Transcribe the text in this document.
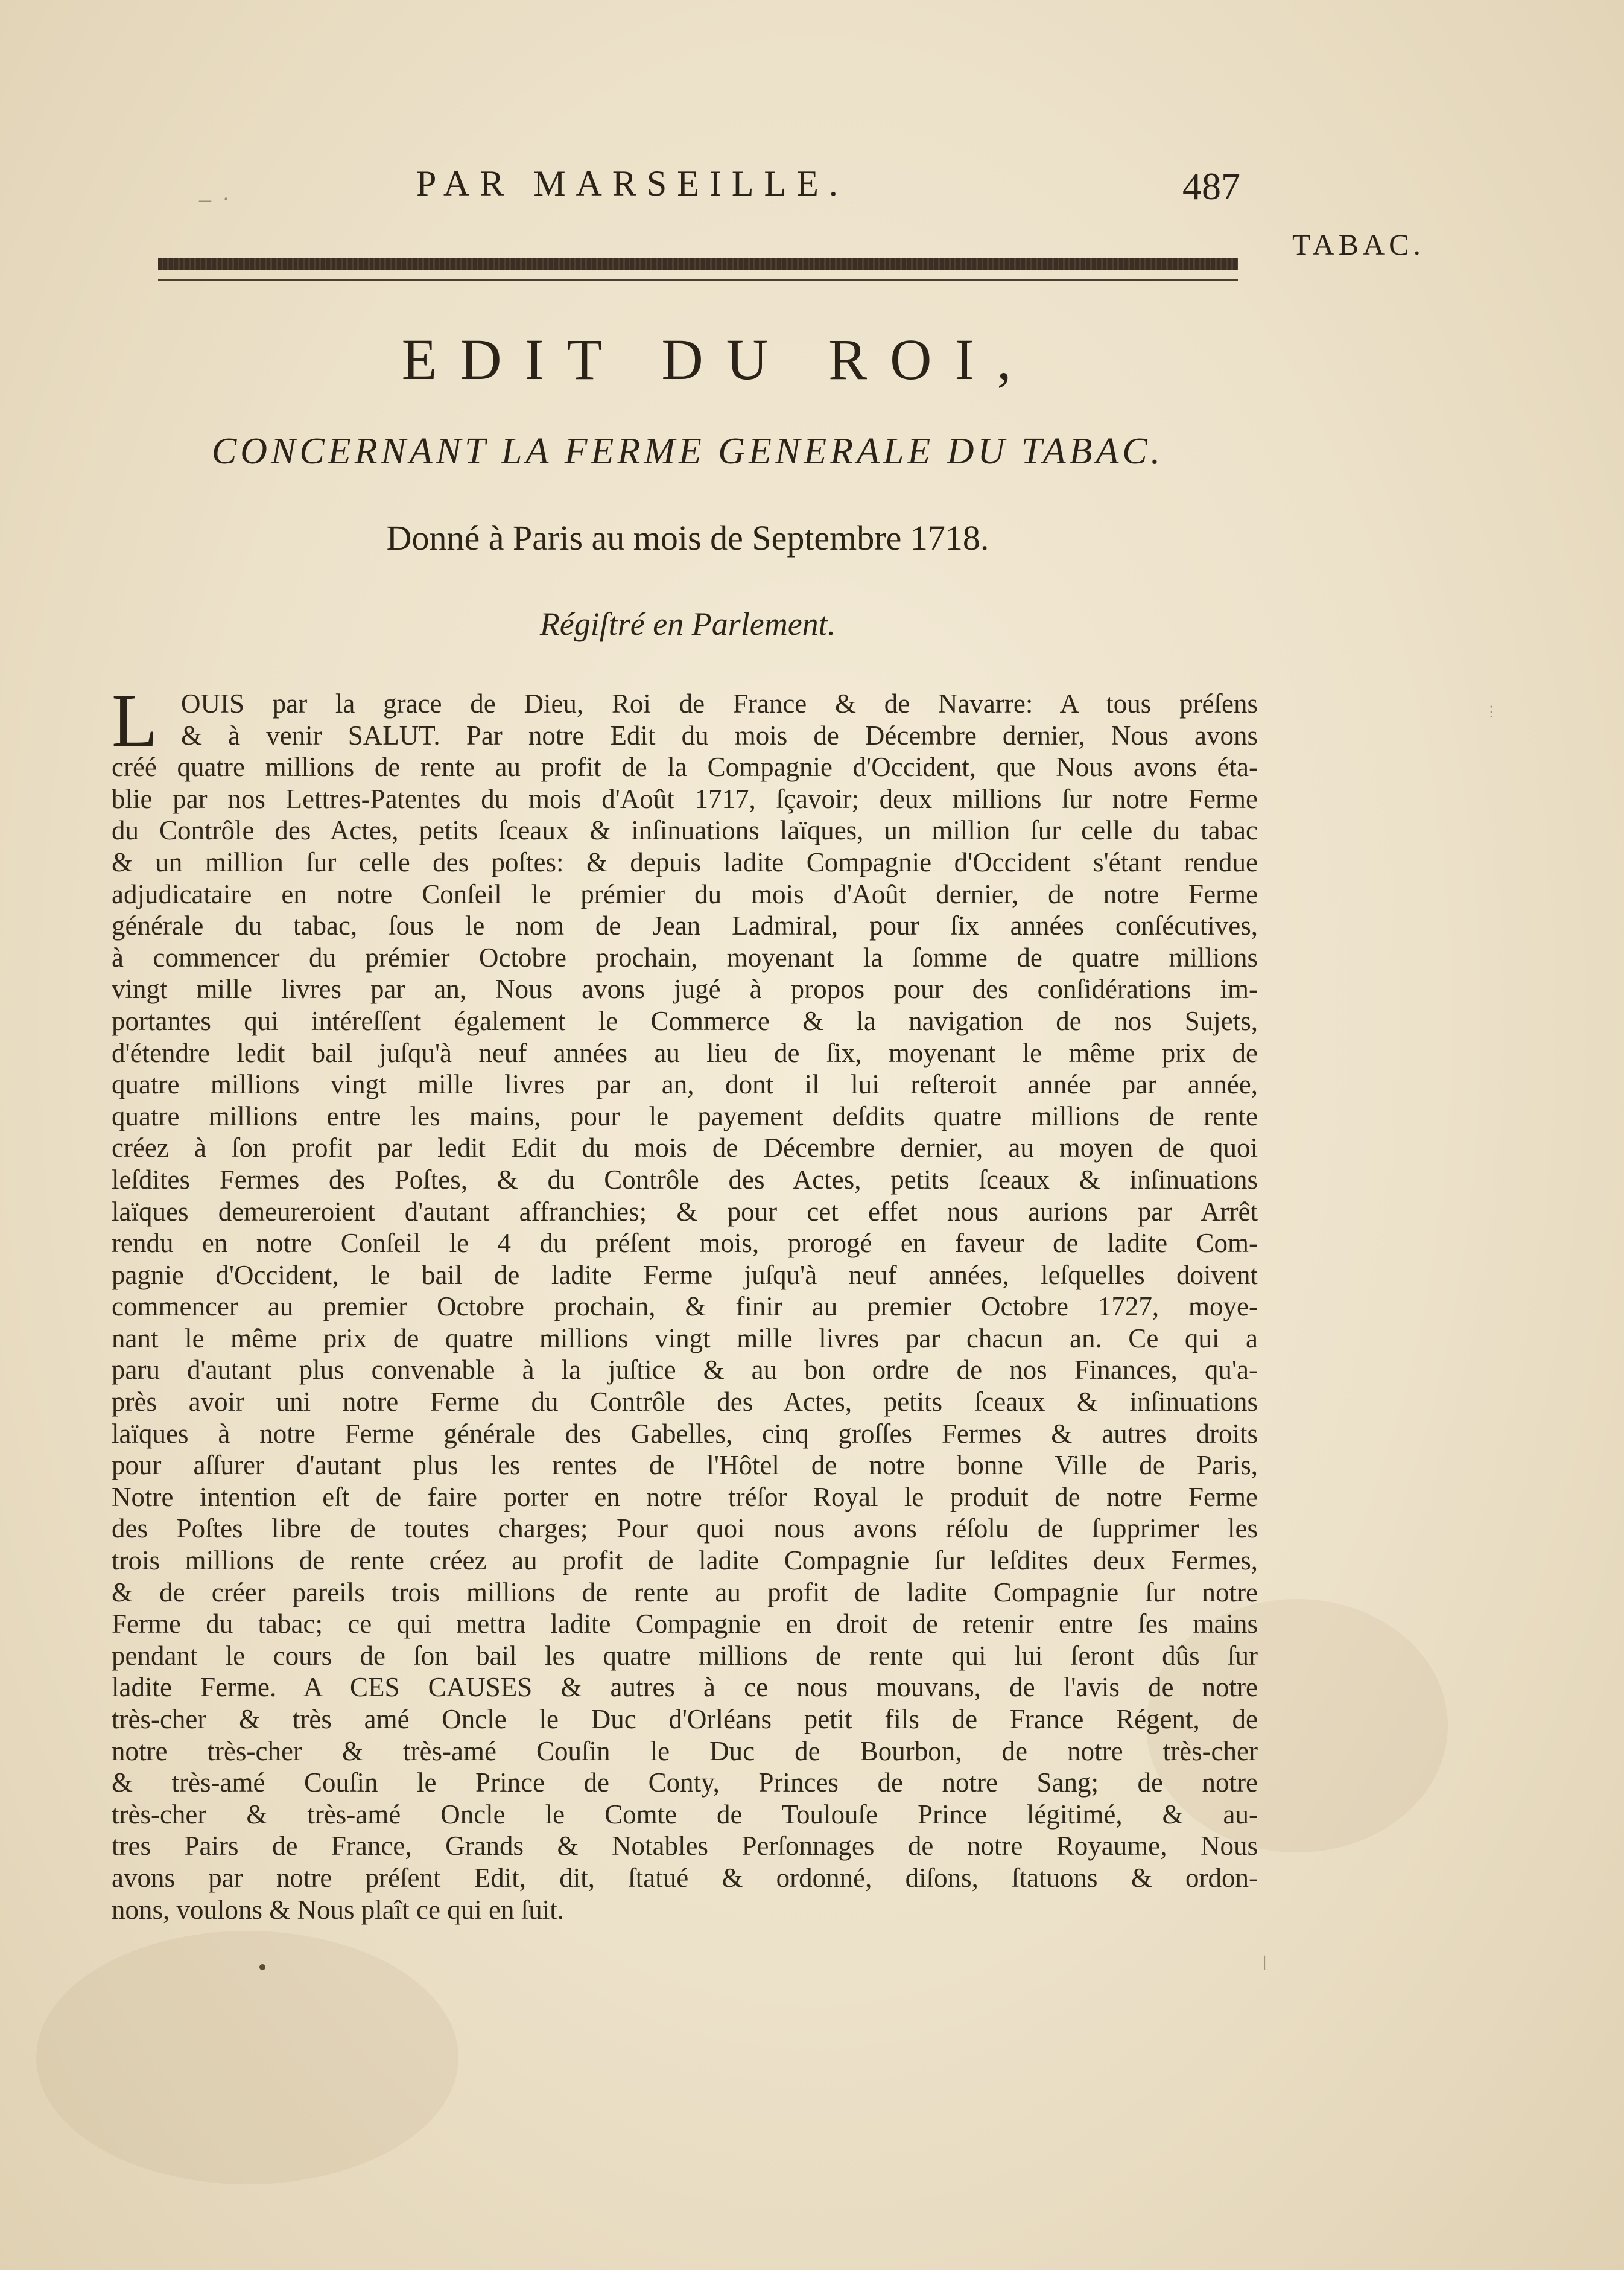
– ·	PAR MARSEILLE.	487
TABAC.
EDIT DU ROI,
CONCERNANT LA FERME GENERALE DU TABAC.
Donné à Paris au mois de Septembre 1718.
Régiſtré en Parlement.
L OUIS par la grace de Dieu, Roi de France & de Navarre: A tous préſens
& à venir SALUT. Par notre Edit du mois de Décembre dernier, Nous avons
créé quatre millions de rente au profit de la Compagnie d'Occident, que Nous avons éta-
blie par nos Lettres-Patentes du mois d'Août 1717, ſçavoir; deux millions ſur notre Ferme
du Contrôle des Actes, petits ſceaux & inſinuations laïques, un million ſur celle du tabac
& un million ſur celle des poſtes: & depuis ladite Compagnie d'Occident s'étant rendue
adjudicataire en notre Conſeil le prémier du mois d'Août dernier, de notre Ferme
générale du tabac, ſous le nom de Jean Ladmiral, pour ſix années conſécutives,
à commencer du prémier Octobre prochain, moyenant la ſomme de quatre millions
vingt mille livres par an, Nous avons jugé à propos pour des conſidérations im-
portantes qui intéreſſent également le Commerce & la navigation de nos Sujets,
d'étendre ledit bail juſqu'à neuf années au lieu de ſix, moyenant le même prix de
quatre millions vingt mille livres par an, dont il lui reſteroit année par année,
quatre millions entre les mains, pour le payement deſdits quatre millions de rente
créez à ſon profit par ledit Edit du mois de Décembre dernier, au moyen de quoi
leſdites Fermes des Poſtes, & du Contrôle des Actes, petits ſceaux & inſinuations
laïques demeureroient d'autant affranchies; & pour cet effet nous aurions par Arrêt
rendu en notre Conſeil le 4 du préſent mois, prorogé en faveur de ladite Com-
pagnie d'Occident, le bail de ladite Ferme juſqu'à neuf années, leſquelles doivent
commencer au premier Octobre prochain, & finir au premier Octobre 1727, moye-
nant le même prix de quatre millions vingt mille livres par chacun an. Ce qui a
paru d'autant plus convenable à la juſtice & au bon ordre de nos Finances, qu'a-
près avoir uni notre Ferme du Contrôle des Actes, petits ſceaux & inſinuations
laïques à notre Ferme générale des Gabelles, cinq groſſes Fermes & autres droits
pour aſſurer d'autant plus les rentes de l'Hôtel de notre bonne Ville de Paris,
Notre intention eſt de faire porter en notre tréſor Royal le produit de notre Ferme
des Poſtes libre de toutes charges; Pour quoi nous avons réſolu de ſupprimer les
trois millions de rente créez au profit de ladite Compagnie ſur leſdites deux Fermes,
& de créer pareils trois millions de rente au profit de ladite Compagnie ſur notre
Ferme du tabac; ce qui mettra ladite Compagnie en droit de retenir entre ſes mains
pendant le cours de ſon bail les quatre millions de rente qui lui ſeront dûs ſur
ladite Ferme. A CES CAUSES & autres à ce nous mouvans, de l'avis de notre
très-cher & très amé Oncle le Duc d'Orléans petit fils de France Régent, de
notre très-cher & très-amé Couſin le Duc de Bourbon, de notre très-cher
& très-amé Couſin le Prince de Conty, Princes de notre Sang; de notre
très-cher & très-amé Oncle le Comte de Toulouſe Prince légitimé, & au-
tres Pairs de France, Grands & Notables Perſonnages de notre Royaume, Nous
avons par notre préſent Edit, dit, ſtatué & ordonné, diſons, ſtatuons & ordon-
nons, voulons & Nous plaît ce qui en ſuit.
⋮
⎸
